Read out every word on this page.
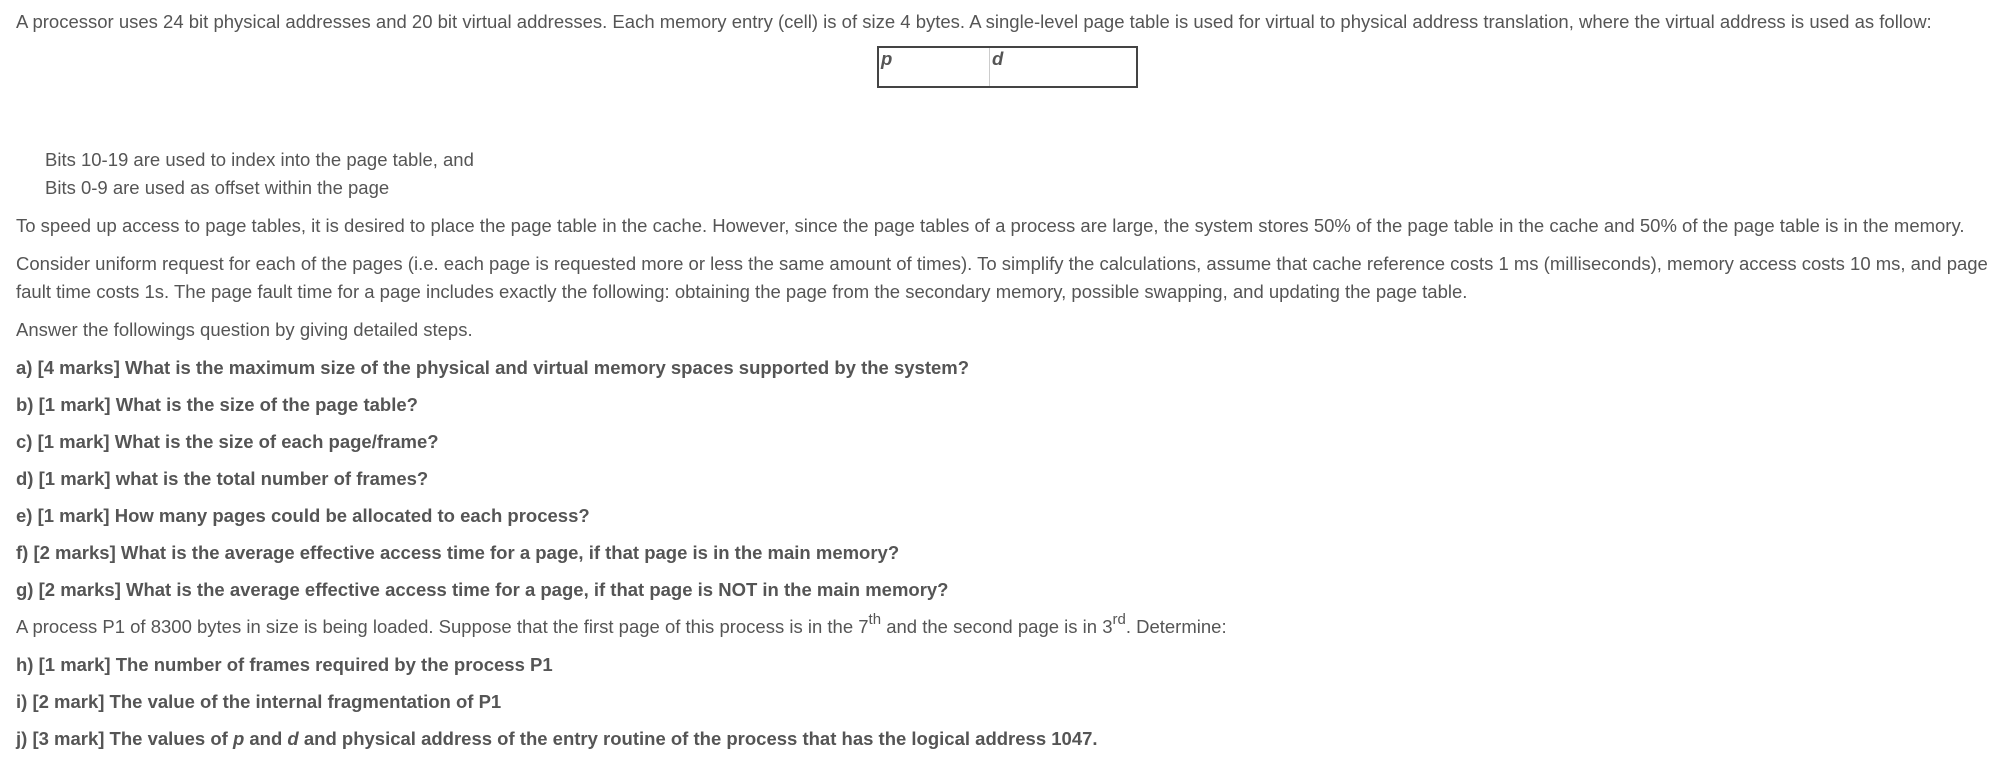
A processor uses 24 bit physical addresses and 20 bit virtual addresses. Each memory entry (cell) is of size 4 bytes. A single-level page table is used for virtual to physical address translation, where the virtual address is used as follow:
p	d
Bits 10-19 are used to index into the page table, and
Bits 0-9 are used as offset within the page
To speed up access to page tables, it is desired to place the page table in the cache. However, since the page tables of a process are large, the system stores 50% of the page table in the cache and 50% of the page table is in the memory.
Consider uniform request for each of the pages (i.e. each page is requested more or less the same amount of times). To simplify the calculations, assume that cache reference costs 1 ms (milliseconds), memory access costs 10 ms, and page fault time costs 1s. The page fault time for a page includes exactly the following: obtaining the page from the secondary memory, possible swapping, and updating the page table.
Answer the followings question by giving detailed steps.
a) [4 marks] What is the maximum size of the physical and virtual memory spaces supported by the system?
b) [1 mark] What is the size of the page table?
c) [1 mark] What is the size of each page/frame?
d) [1 mark] what is the total number of frames?
e) [1 mark] How many pages could be allocated to each process?
f) [2 marks] What is the average effective access time for a page, if that page is in the main memory?
g) [2 marks] What is the average effective access time for a page, if that page is NOT in the main memory?
A process P1 of 8300 bytes in size is being loaded. Suppose that the first page of this process is in the 7th and the second page is in 3rd. Determine:
h) [1 mark] The number of frames required by the process P1
i) [2 mark] The value of the internal fragmentation of P1
j) [3 mark] The values of p and d and physical address of the entry routine of the process that has the logical address 1047.
